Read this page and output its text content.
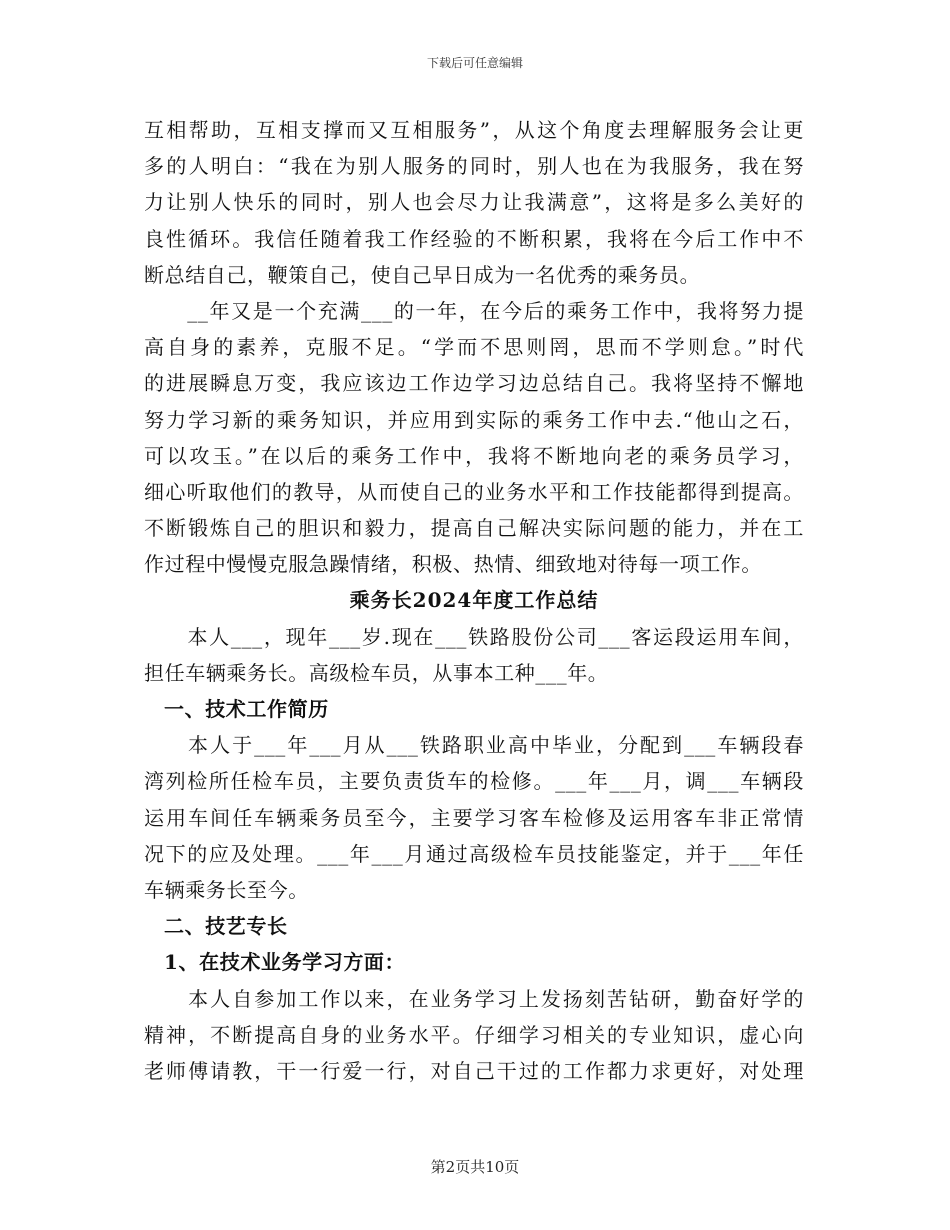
下载后可任意编辑
互相帮助，互相支撑而又互相服务”，从这个角度去理解服务会让更
多的人明白：“我在为别人服务的同时，别人也在为我服务，我在努
力让别人快乐的同时，别人也会尽力让我满意”，这将是多么美好的
良性循环。我信任随着我工作经验的不断积累，我将在今后工作中不
断总结自己，鞭策自己，使自己早日成为一名优秀的乘务员。
　　__年又是一个充满___的一年，在今后的乘务工作中，我将努力提
高自身的素养，克服不足。“学而不思则罔，思而不学则怠。”时代
的进展瞬息万变，我应该边工作边学习边总结自己。我将坚持不懈地
努力学习新的乘务知识，并应用到实际的乘务工作中去.“他山之石，
可以攻玉。”在以后的乘务工作中，我将不断地向老的乘务员学习，
细心听取他们的教导，从而使自己的业务水平和工作技能都得到提高。
不断锻炼自己的胆识和毅力，提高自己解决实际问题的能力，并在工
作过程中慢慢克服急躁情绪，积极、热情、细致地对待每一项工作。
乘务长2024年度工作总结
　　本人___，现年___岁.现在___铁路股份公司___客运段运用车间，
担任车辆乘务长。高级检车员，从事本工种___年。
一、技术工作简历
　　本人于___年___月从___铁路职业高中毕业，分配到___车辆段春
湾列检所任检车员，主要负责货车的检修。___年___月，调___车辆段
运用车间任车辆乘务员至今，主要学习客车检修及运用客车非正常情
况下的应及处理。___年___月通过高级检车员技能鉴定，并于___年任
车辆乘务长至今。
二、技艺专长
1、在技术业务学习方面：
　　本人自参加工作以来，在业务学习上发扬刻苦钻研，勤奋好学的
精神，不断提高自身的业务水平。仔细学习相关的专业知识，虚心向
老师傅请教，干一行爱一行，对自己干过的工作都力求更好，对处理
第2页共10页
